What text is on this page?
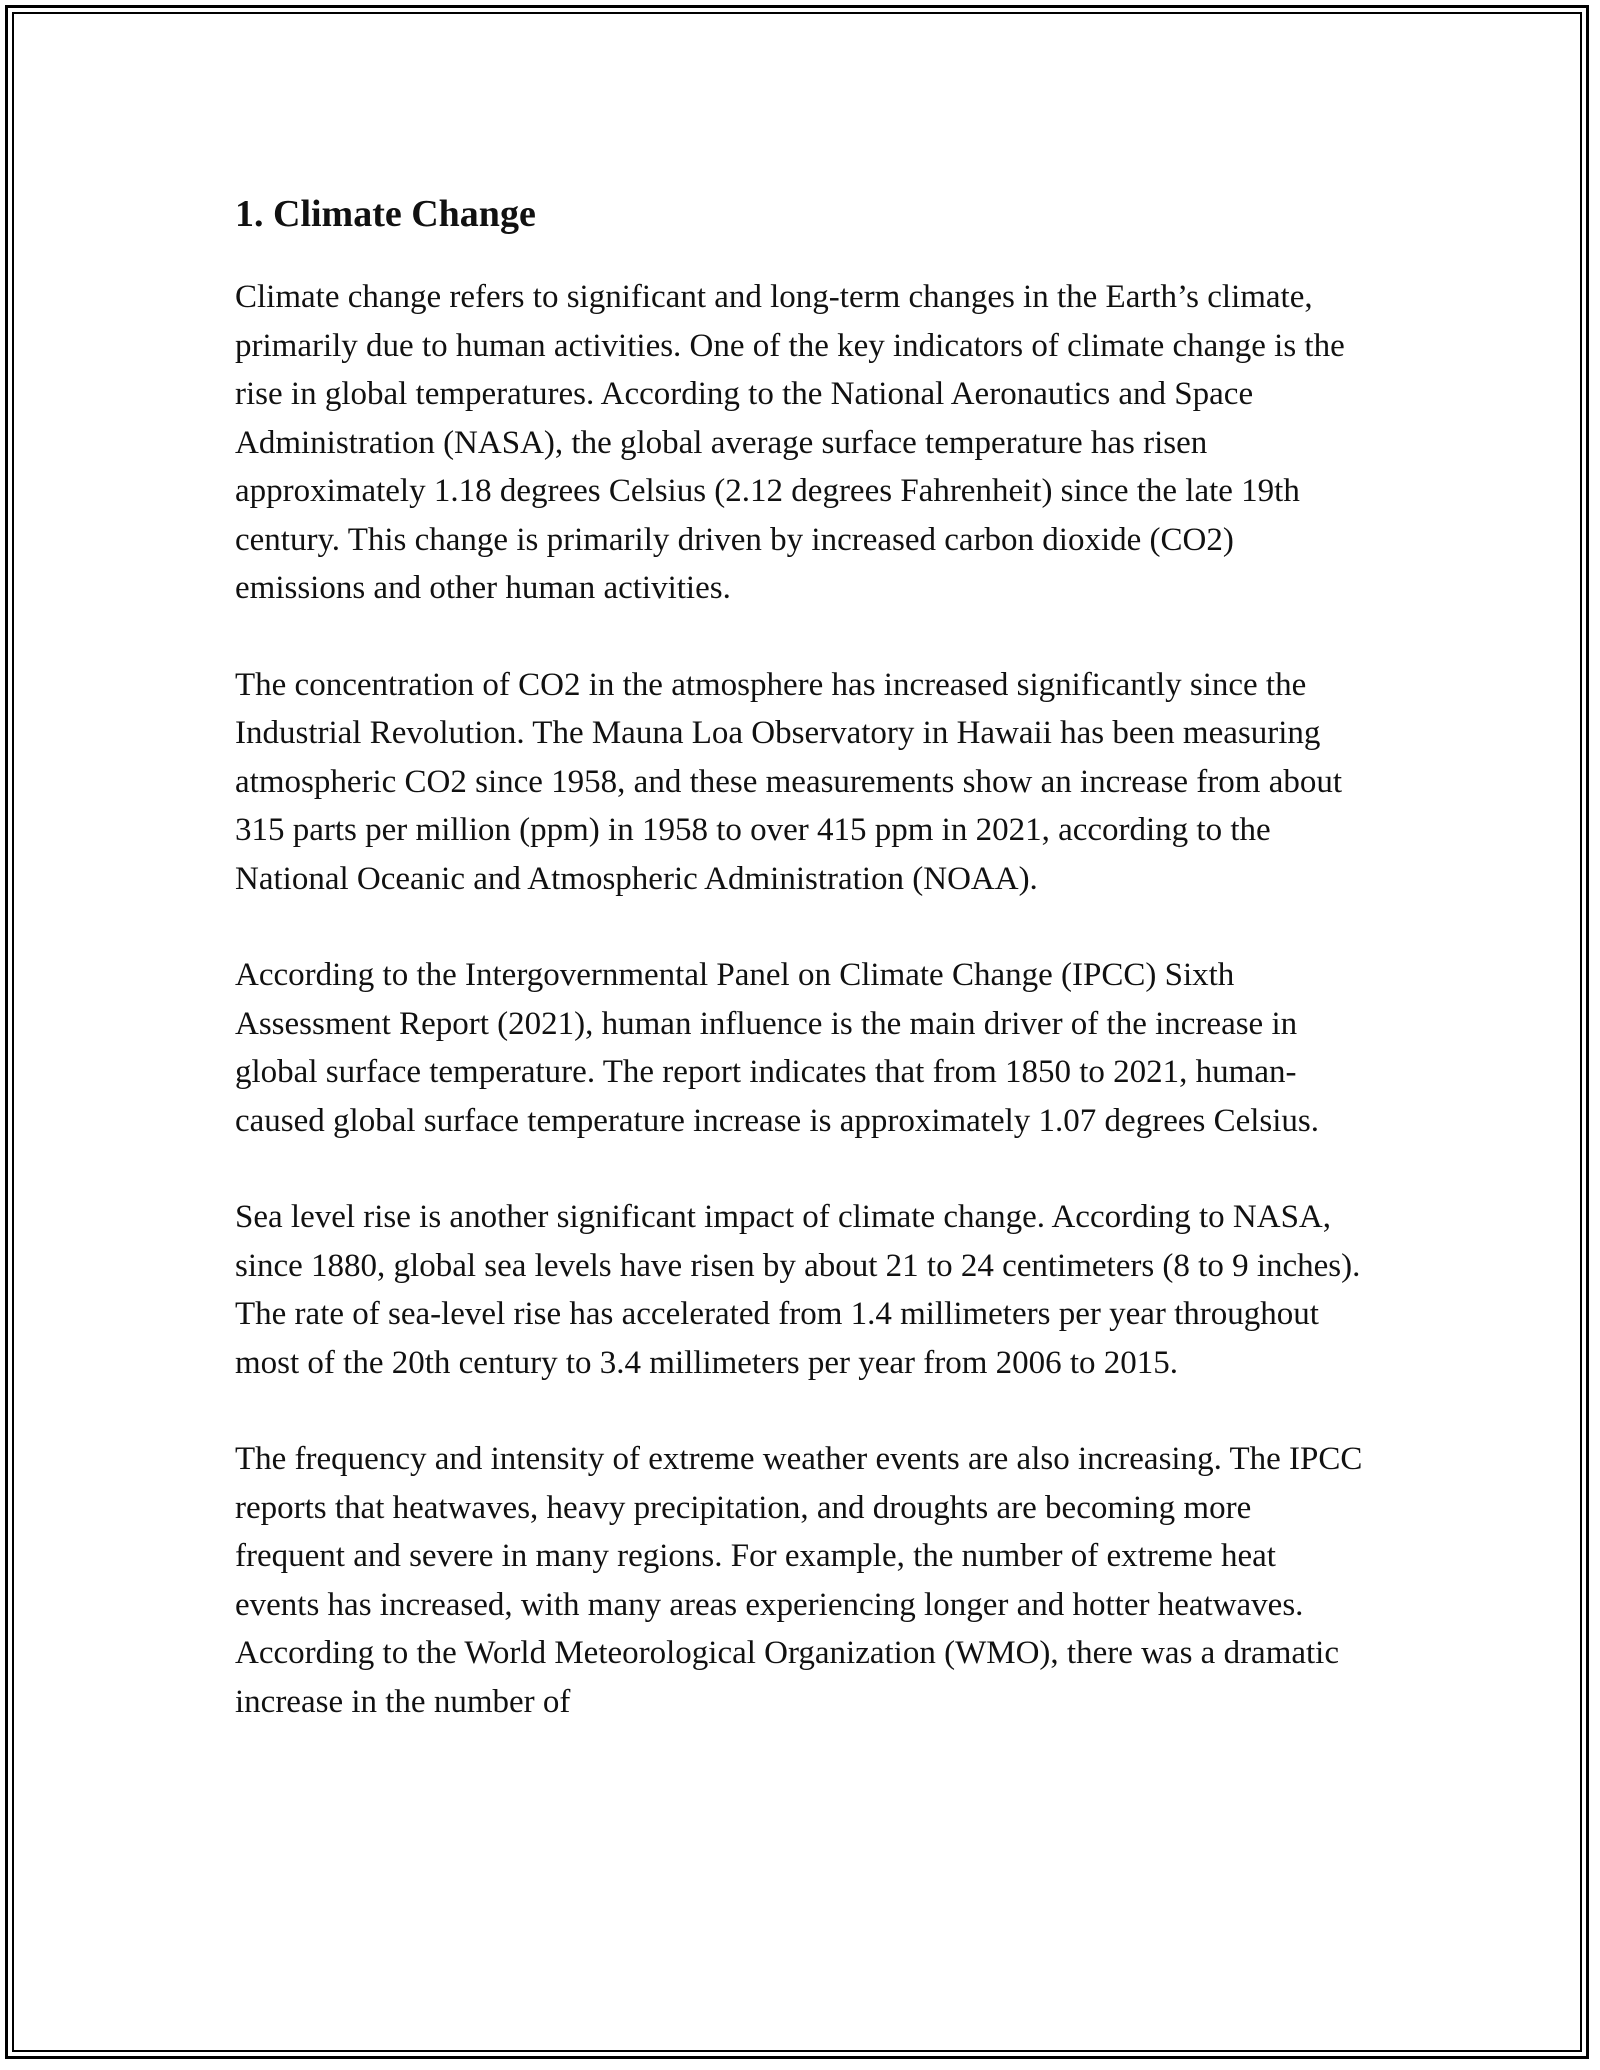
1. Climate Change

Climate change refers to significant and long-term changes in the Earth’s climate, primarily due to human activities. One of the key indicators of climate change is the rise in global temperatures. According to the National Aeronautics and Space Administration (NASA), the global average surface temperature has risen approximately 1.18 degrees Celsius (2.12 degrees Fahrenheit) since the late 19th century. This change is primarily driven by increased carbon dioxide (CO2) emissions and other human activities.

The concentration of CO2 in the atmosphere has increased significantly since the Industrial Revolution. The Mauna Loa Observatory in Hawaii has been measuring atmospheric CO2 since 1958, and these measurements show an increase from about 315 parts per million (ppm) in 1958 to over 415 ppm in 2021, according to the National Oceanic and Atmospheric Administration (NOAA).

According to the Intergovernmental Panel on Climate Change (IPCC) Sixth Assessment Report (2021), human influence is the main driver of the increase in global surface temperature. The report indicates that from 1850 to 2021, human-caused global surface temperature increase is approximately 1.07 degrees Celsius.

Sea level rise is another significant impact of climate change. According to NASA, since 1880, global sea levels have risen by about 21 to 24 centimeters (8 to 9 inches). The rate of sea-level rise has accelerated from 1.4 millimeters per year throughout most of the 20th century to 3.4 millimeters per year from 2006 to 2015.

The frequency and intensity of extreme weather events are also increasing. The IPCC reports that heatwaves, heavy precipitation, and droughts are becoming more frequent and severe in many regions. For example, the number of extreme heat events has increased, with many areas experiencing longer and hotter heatwaves. According to the World Meteorological Organization (WMO), there was a dramatic increase in the number of
